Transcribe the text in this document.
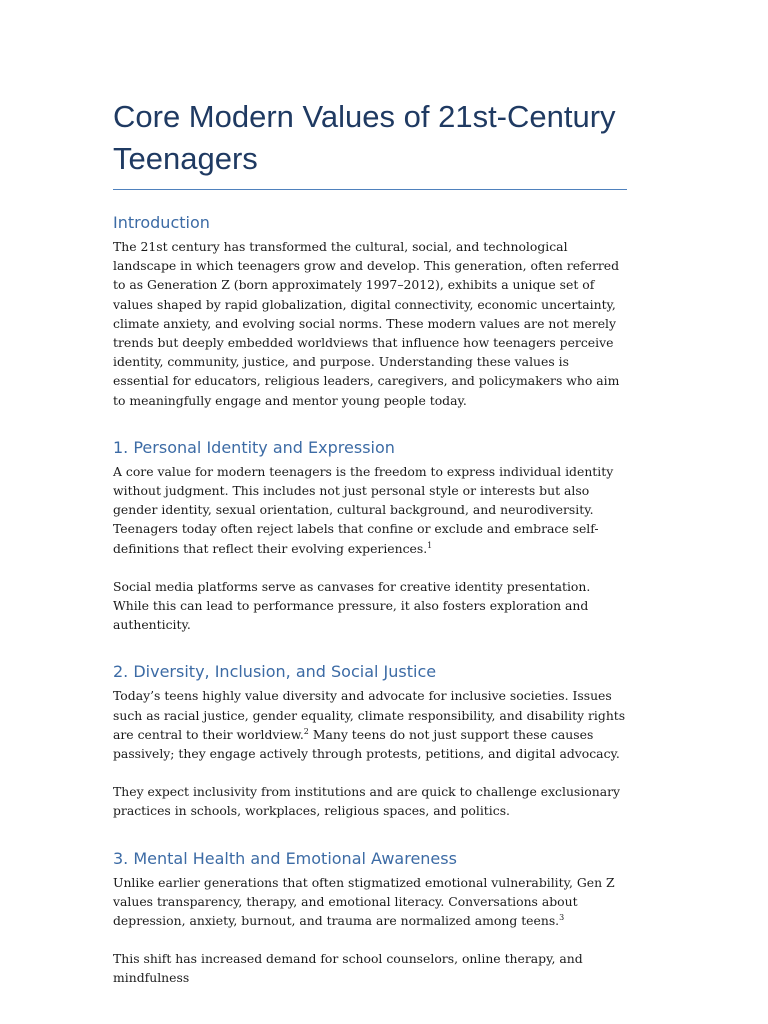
Core Modern Values of 21st-Century Teenagers
Introduction

The 21st century has transformed the cultural, social, and technological landscape in which teenagers grow and develop. This generation, often referred to as Generation Z (born approximately 1997–2012), exhibits a unique set of values shaped by rapid globalization, digital connectivity, economic uncertainty, climate anxiety, and evolving social norms. These modern values are not merely trends but deeply embedded worldviews that influence how teenagers perceive identity, community, justice, and purpose. Understanding these values is essential for educators, religious leaders, caregivers, and policymakers who aim to meaningfully engage and mentor young people today.

1. Personal Identity and Expression

A core value for modern teenagers is the freedom to express individual identity without judgment. This includes not just personal style or interests but also gender identity, sexual orientation, cultural background, and neurodiversity. Teenagers today often reject labels that confine or exclude and embrace self-definitions that reflect their evolving experiences.$^1$

Social media platforms serve as canvases for creative identity presentation. While this can lead to performance pressure, it also fosters exploration and authenticity.

2. Diversity, Inclusion, and Social Justice

Today’s teens highly value diversity and advocate for inclusive societies. Issues such as racial justice, gender equality, climate responsibility, and disability rights are central to their worldview.$^2$ Many teens do not just support these causes passively; they engage actively through protests, petitions, and digital advocacy.

They expect inclusivity from institutions and are quick to challenge exclusionary practices in schools, workplaces, religious spaces, and politics.

3. Mental Health and Emotional Awareness

Unlike earlier generations that often stigmatized emotional vulnerability, Gen Z values transparency, therapy, and emotional literacy. Conversations about depression, anxiety, burnout, and trauma are normalized among teens.$^3$

This shift has increased demand for school counselors, online therapy, and mindfulness
